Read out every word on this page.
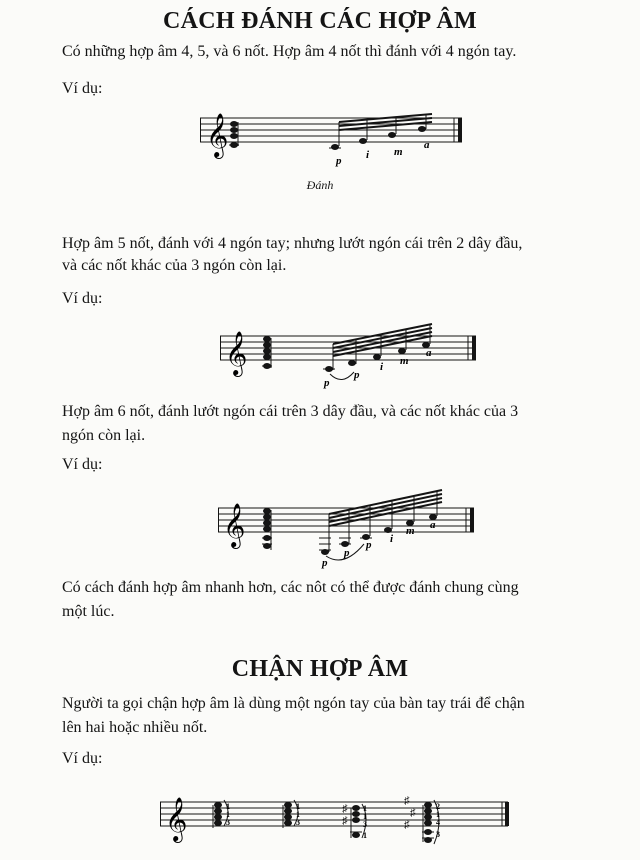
CÁCH ĐÁNH CÁC HỢP ÂM
Có những hợp âm 4, 5, và 6 nốt. Hợp âm 4 nốt thì đánh với 4 ngón tay.
Ví dụ:
𝄞
p i m
a
Đánh
Hợp âm 5 nốt, đánh với 4 ngón tay; nhưng lướt ngón cái trên 2 dây đầu,
và các nốt khác của 3 ngón còn lại.
Ví dụ:
𝄞
p
p
i m
a
Hợp âm 6 nốt, đánh lướt ngón cái trên 3 dây đầu, và các nốt khác của 3
ngón còn lại.
Ví dụ:
𝄞
p
p
p i
m a
Có cách đánh hợp âm nhanh hơn, các nôt có thể được đánh chung cùng
một lúc.
CHẬN HỢP ÂM
Người ta gọi chận hợp âm là dùng một ngón tay của bàn tay trái để chận
lên hai hoặc nhiều nốt.
Ví dụ:
𝄞	1
1
3
1
1
3
♯
♯
1
1
3
1
♯
♯
♯
2
1
4
3
